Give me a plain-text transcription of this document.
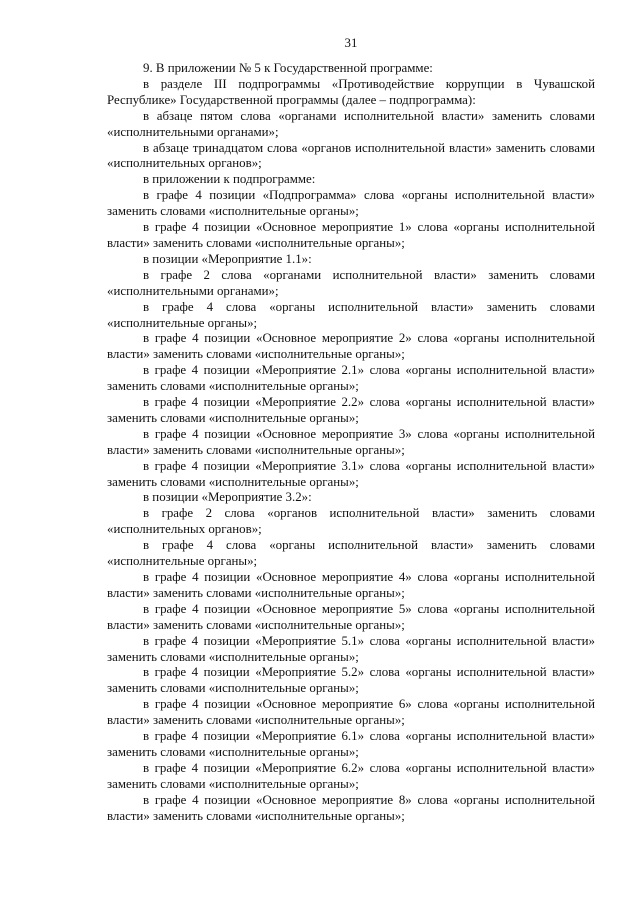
31

9. В приложении № 5 к Государственной программе:

в разделе III подпрограммы «Противодействие коррупции в Чувашской Республике» Государственной программы (далее – подпрограмма):

в абзаце пятом слова «органами исполнительной власти» заменить словами «исполнительными органами»;

в абзаце тринадцатом слова «органов исполнительной власти» заменить словами «исполнительных органов»;

в приложении к подпрограмме:

в графе 4 позиции «Подпрограмма» слова «органы исполнительной власти» заменить словами «исполнительные органы»;

в графе 4 позиции «Основное мероприятие 1» слова «органы исполнительной власти» заменить словами «исполнительные органы»;

в позиции «Мероприятие 1.1»:

в графе 2 слова «органами исполнительной власти» заменить словами «исполнительными органами»;

в графе 4 слова «органы исполнительной власти» заменить словами «исполнительные органы»;

в графе 4 позиции «Основное мероприятие 2» слова «органы исполнительной власти» заменить словами «исполнительные органы»;

в графе 4 позиции «Мероприятие 2.1» слова «органы исполнительной власти» заменить словами «исполнительные органы»;

в графе 4 позиции «Мероприятие 2.2» слова «органы исполнительной власти» заменить словами «исполнительные органы»;

в графе 4 позиции «Основное мероприятие 3» слова «органы исполнительной власти» заменить словами «исполнительные органы»;

в графе 4 позиции «Мероприятие 3.1» слова «органы исполнительной власти» заменить словами «исполнительные органы»;

в позиции «Мероприятие 3.2»:

в графе 2 слова «органов исполнительной власти» заменить словами «исполнительных органов»;

в графе 4 слова «органы исполнительной власти» заменить словами «исполнительные органы»;

в графе 4 позиции «Основное мероприятие 4» слова «органы исполнительной власти» заменить словами «исполнительные органы»;

в графе 4 позиции «Основное мероприятие 5» слова «органы исполнительной власти» заменить словами «исполнительные органы»;

в графе 4 позиции «Мероприятие 5.1» слова «органы исполнительной власти» заменить словами «исполнительные органы»;

в графе 4 позиции «Мероприятие 5.2» слова «органы исполнительной власти» заменить словами «исполнительные органы»;

в графе 4 позиции «Основное мероприятие 6» слова «органы исполнительной власти» заменить словами «исполнительные органы»;

в графе 4 позиции «Мероприятие 6.1» слова «органы исполнительной власти» заменить словами «исполнительные органы»;

в графе 4 позиции «Мероприятие 6.2» слова «органы исполнительной власти» заменить словами «исполнительные органы»;

в графе 4 позиции «Основное мероприятие 8» слова «органы исполнительной власти» заменить словами «исполнительные органы»;
